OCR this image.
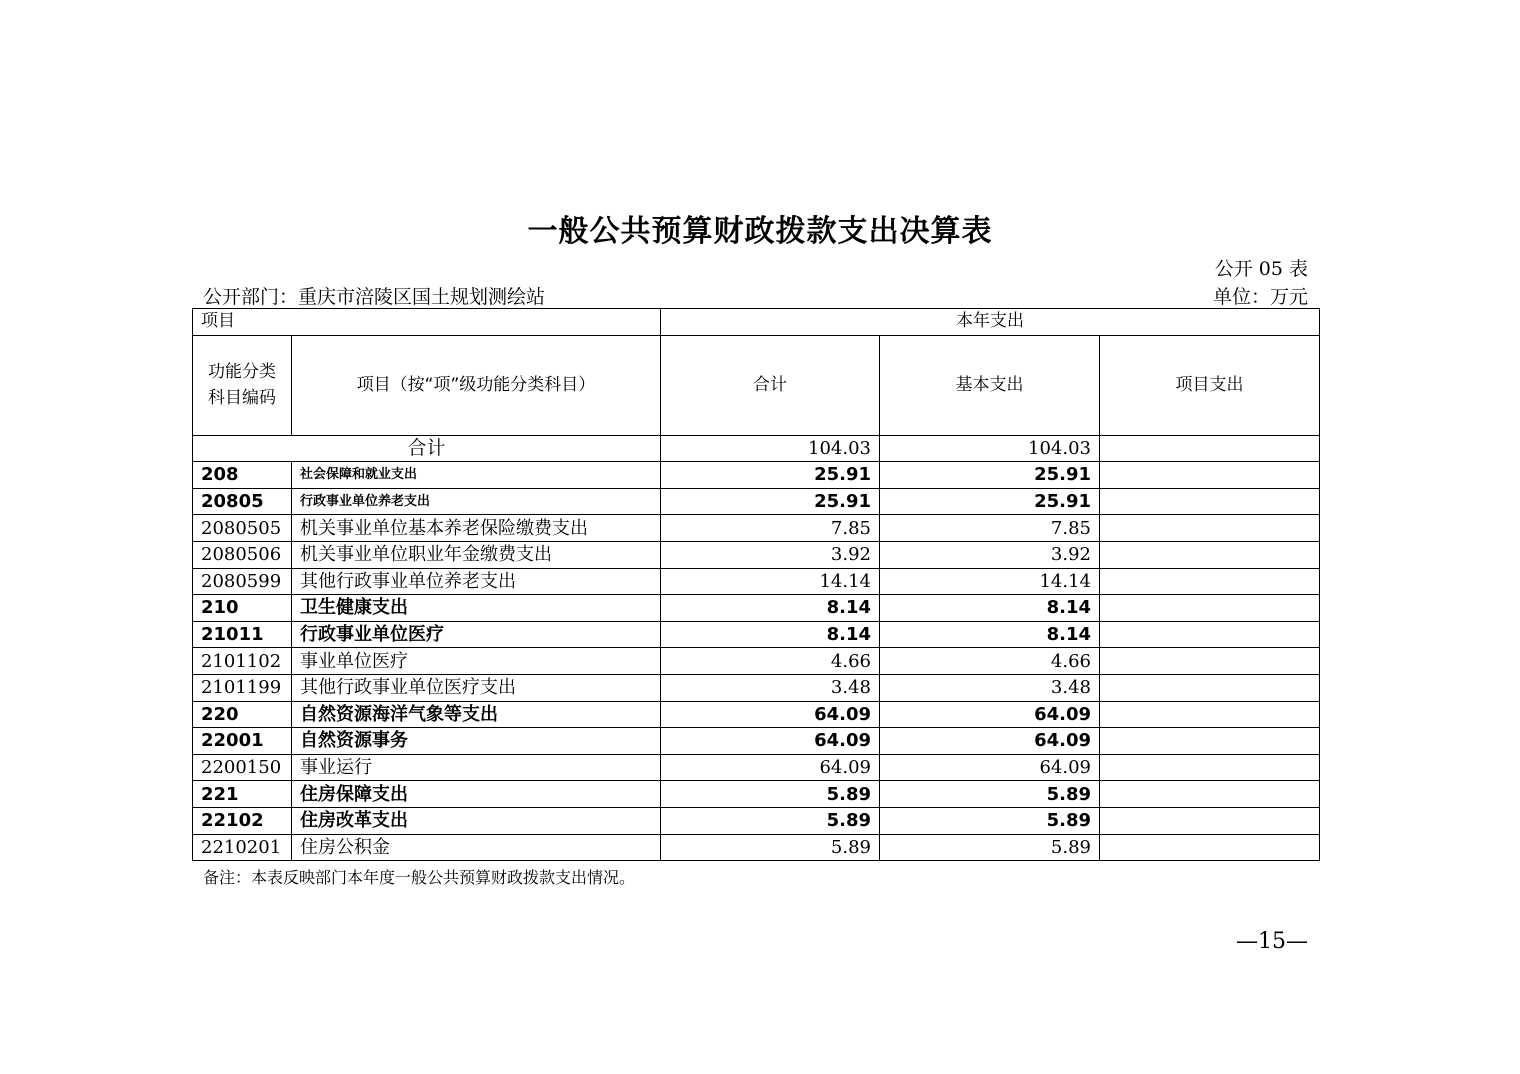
一般公共预算财政拨款支出决算表
公开 05 表
公开部门：重庆市涪陵区国土规划测绘站	单位：万元
项目		本年支出		
功能分类科目编码	项目（按“项”级功能分类科目）	合计	基本支出	项目支出
合计		104.03	104.03	
208	社会保障和就业支出	25.91	25.91	
20805	行政事业单位养老支出	25.91	25.91	
2080505	机关事业单位基本养老保险缴费支出	7.85	7.85	
2080506	机关事业单位职业年金缴费支出	3.92	3.92	
2080599	其他行政事业单位养老支出	14.14	14.14	
210	卫生健康支出	8.14	8.14	
21011	行政事业单位医疗	8.14	8.14	
2101102	事业单位医疗	4.66	4.66	
2101199	其他行政事业单位医疗支出	3.48	3.48	
220	自然资源海洋气象等支出	64.09	64.09	
22001	自然资源事务	64.09	64.09	
2200150	事业运行	64.09	64.09	
221	住房保障支出	5.89	5.89	
22102	住房改革支出	5.89	5.89	
2210201	住房公积金	5.89	5.89	
备注：本表反映部门本年度一般公共预算财政拨款支出情况。
—15—
